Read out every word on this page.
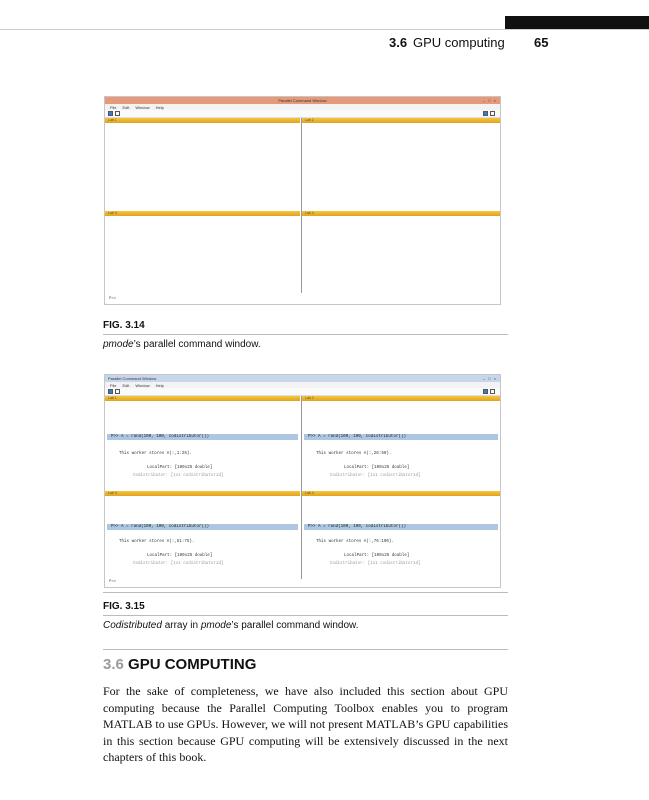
3.6 GPU computing 65
Parallel Command Window	– □ ×
File Edit Window Help
Lab 1	Lab 2
Lab 3	Lab 4
P>>
FIG. 3.14
pmode’s parallel command window.
Parallel Command Window	– □ ×
File Edit Window Help
Lab 1
P>> A = rand(100, 100, codistributor())
This worker stores A(:,1:25).
LocalPart: [100x25 double]
Codistributor: [1x1 codistributor1d]
Lab 2
P>> A = rand(100, 100, codistributor())
This worker stores A(:,26:50).
LocalPart: [100x25 double]
Codistributor: [1x1 codistributor1d]
Lab 3
P>> A = rand(100, 100, codistributor())
This worker stores A(:,51:75).
LocalPart: [100x25 double]
Codistributor: [1x1 codistributor1d]
Lab 4
P>> A = rand(100, 100, codistributor())
This worker stores A(:,76:100).
LocalPart: [100x25 double]
Codistributor: [1x1 codistributor1d]
P>>
FIG. 3.15
Codistributed array in pmode’s parallel command window.
3.6 GPU COMPUTING
For the sake of completeness, we have also included this section about GPU computing because the Parallel Computing Toolbox enables you to program MATLAB to use GPUs. However, we will not present MATLAB’s GPU capabilities in this section because GPU computing will be extensively discussed in the next chapters of this book.
